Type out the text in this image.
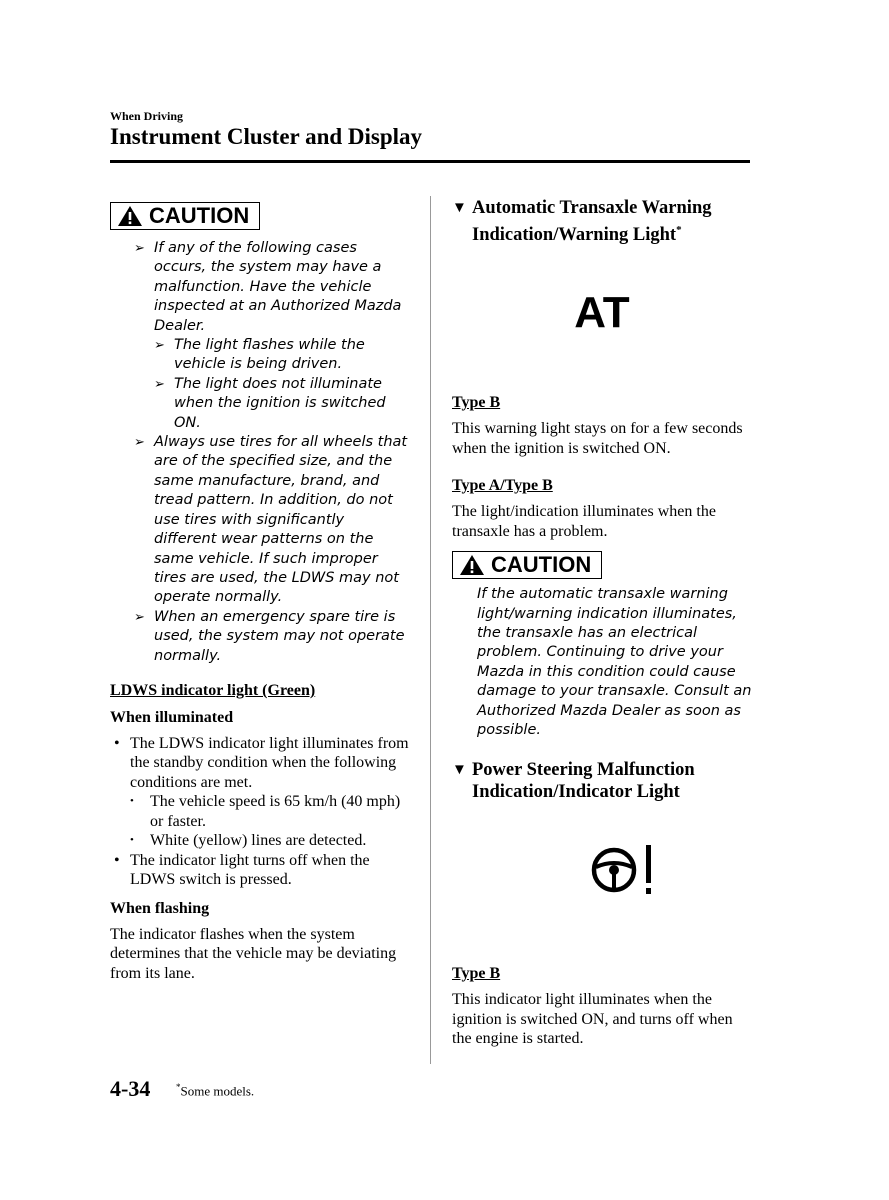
When Driving
Instrument Cluster and Display
CAUTION
➢ If any of the following cases occurs, the system may have a malfunction. Have the vehicle inspected at an Authorized Mazda Dealer.
➢ The light flashes while the vehicle is being driven.
➢ The light does not illuminate when the ignition is switched ON.
➢ Always use tires for all wheels that are of the specified size, and the same manufacture, brand, and tread pattern. In addition, do not use tires with significantly different wear patterns on the same vehicle. If such improper tires are used, the LDWS may not operate normally.
➢ When an emergency spare tire is used, the system may not operate normally.
LDWS indicator light (Green)
When illuminated
• The LDWS indicator light illuminates from the standby condition when the following conditions are met.
•	The vehicle speed is 65 km/h (40 mph) or faster.
•	White (yellow) lines are detected.
• The indicator light turns off when the LDWS switch is pressed.
When flashing
The indicator flashes when the system determines that the vehicle may be deviating from its lane.
▼ Automatic Transaxle Warning
Indication/Warning Light*
AT
Type B
This warning light stays on for a few seconds when the ignition is switched ON.
Type A/Type B
The light/indication illuminates when the transaxle has a problem.
CAUTION
If the automatic transaxle warning light/warning indication illuminates, the transaxle has an electrical problem. Continuing to drive your Mazda in this condition could cause damage to your transaxle. Consult an Authorized Mazda Dealer as soon as possible.
▼ Power Steering Malfunction
Indication/Indicator Light
Type B
This indicator light illuminates when the ignition is switched ON, and turns off when the engine is started.
4-34	*Some models.
